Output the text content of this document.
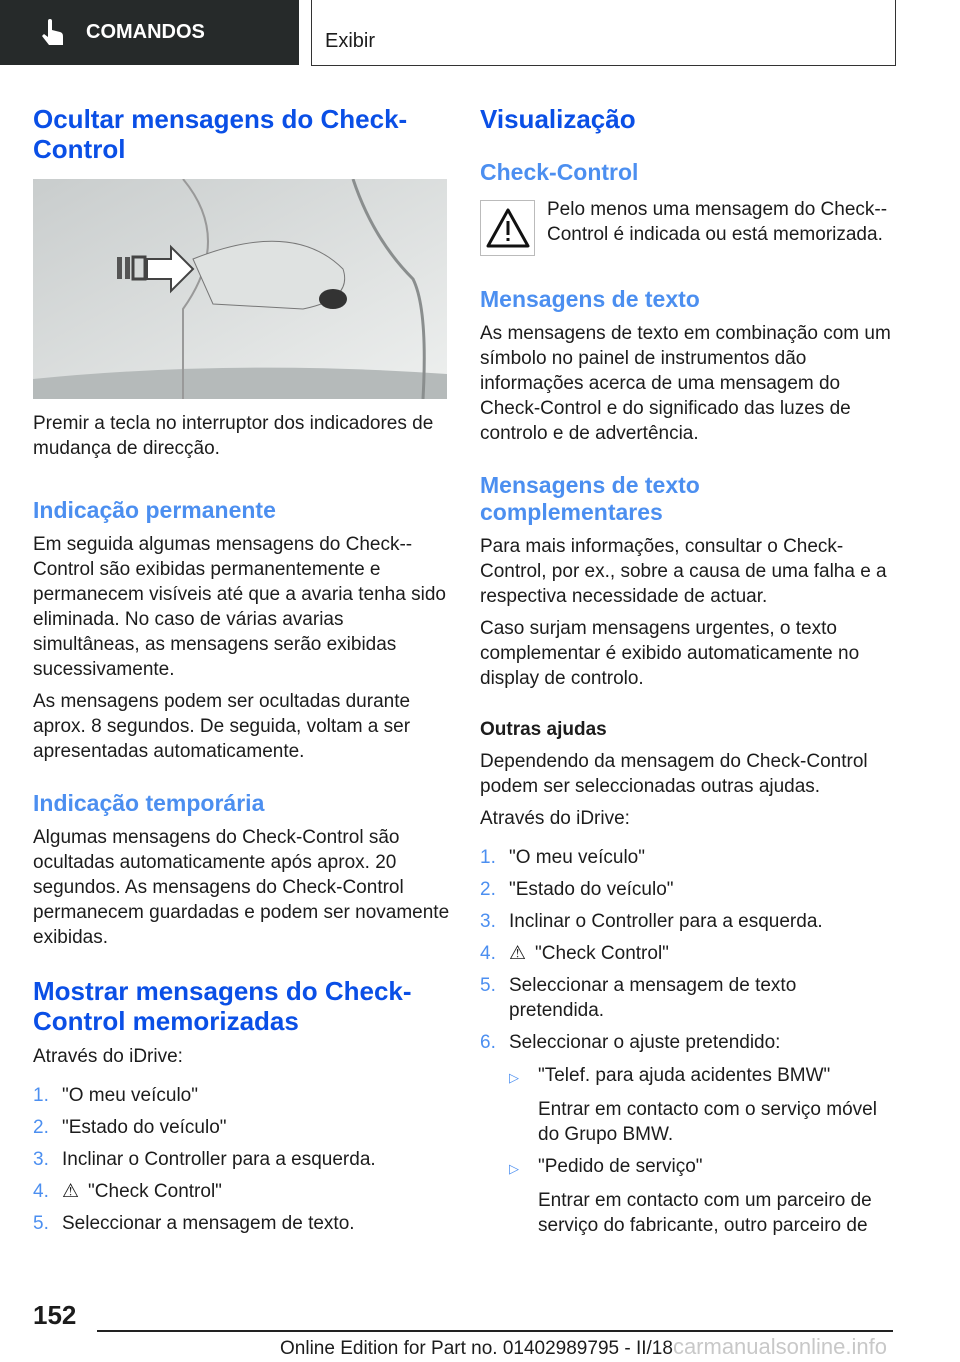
COMANDOS	Exibir
Ocultar mensagens do Check-Control
Premir a tecla no interruptor dos indicadores de mudança de direcção.
Indicação permanente
Em seguida algumas mensagens do Check--Control são exibidas permanentemente e permanecem visíveis até que a avaria tenha sido eliminada. No caso de várias avarias simultâneas, as mensagens serão exibidas sucessivamente.
As mensagens podem ser ocultadas durante aprox. 8 segundos. De seguida, voltam a ser apresentadas automaticamente.
Indicação temporária
Algumas mensagens do Check-Control são ocultadas automaticamente após aprox. 20 segundos. As mensagens do Check-Control permanecem guardadas e podem ser novamente exibidas.
Mostrar mensagens do Check-Control memorizadas
Através do iDrive:
1. "O meu veículo"
2. "Estado do veículo"
3. Inclinar o Controller para a esquerda.
4. ⚠ "Check Control"
5. Seleccionar a mensagem de texto.
Visualização
Check-Control
Pelo menos uma mensagem do Check--Control é indicada ou está memorizada.
Mensagens de texto
As mensagens de texto em combinação com um símbolo no painel de instrumentos dão informações acerca de uma mensagem do Check-Control e do significado das luzes de controlo e de advertência.
Mensagens de texto complementares
Para mais informações, consultar o Check-Control, por ex., sobre a causa de uma falha e a respectiva necessidade de actuar.
Caso surjam mensagens urgentes, o texto complementar é exibido automaticamente no display de controlo.
Outras ajudas
Dependendo da mensagem do Check-Control podem ser seleccionadas outras ajudas.
Através do iDrive:
1. "O meu veículo"
2. "Estado do veículo"
3. Inclinar o Controller para a esquerda.
4. ⚠ "Check Control"
5. Seleccionar a mensagem de texto pretendida.
6. Seleccionar o ajuste pretendido:
▷	"Telef. para ajuda acidentes BMW"
Entrar em contacto com o serviço móvel do Grupo BMW.
▷	"Pedido de serviço"
Entrar em contacto com um parceiro de serviço do fabricante, outro parceiro de
152
Online Edition for Part no. 01402989795 - II/18carmanualsonline.info
